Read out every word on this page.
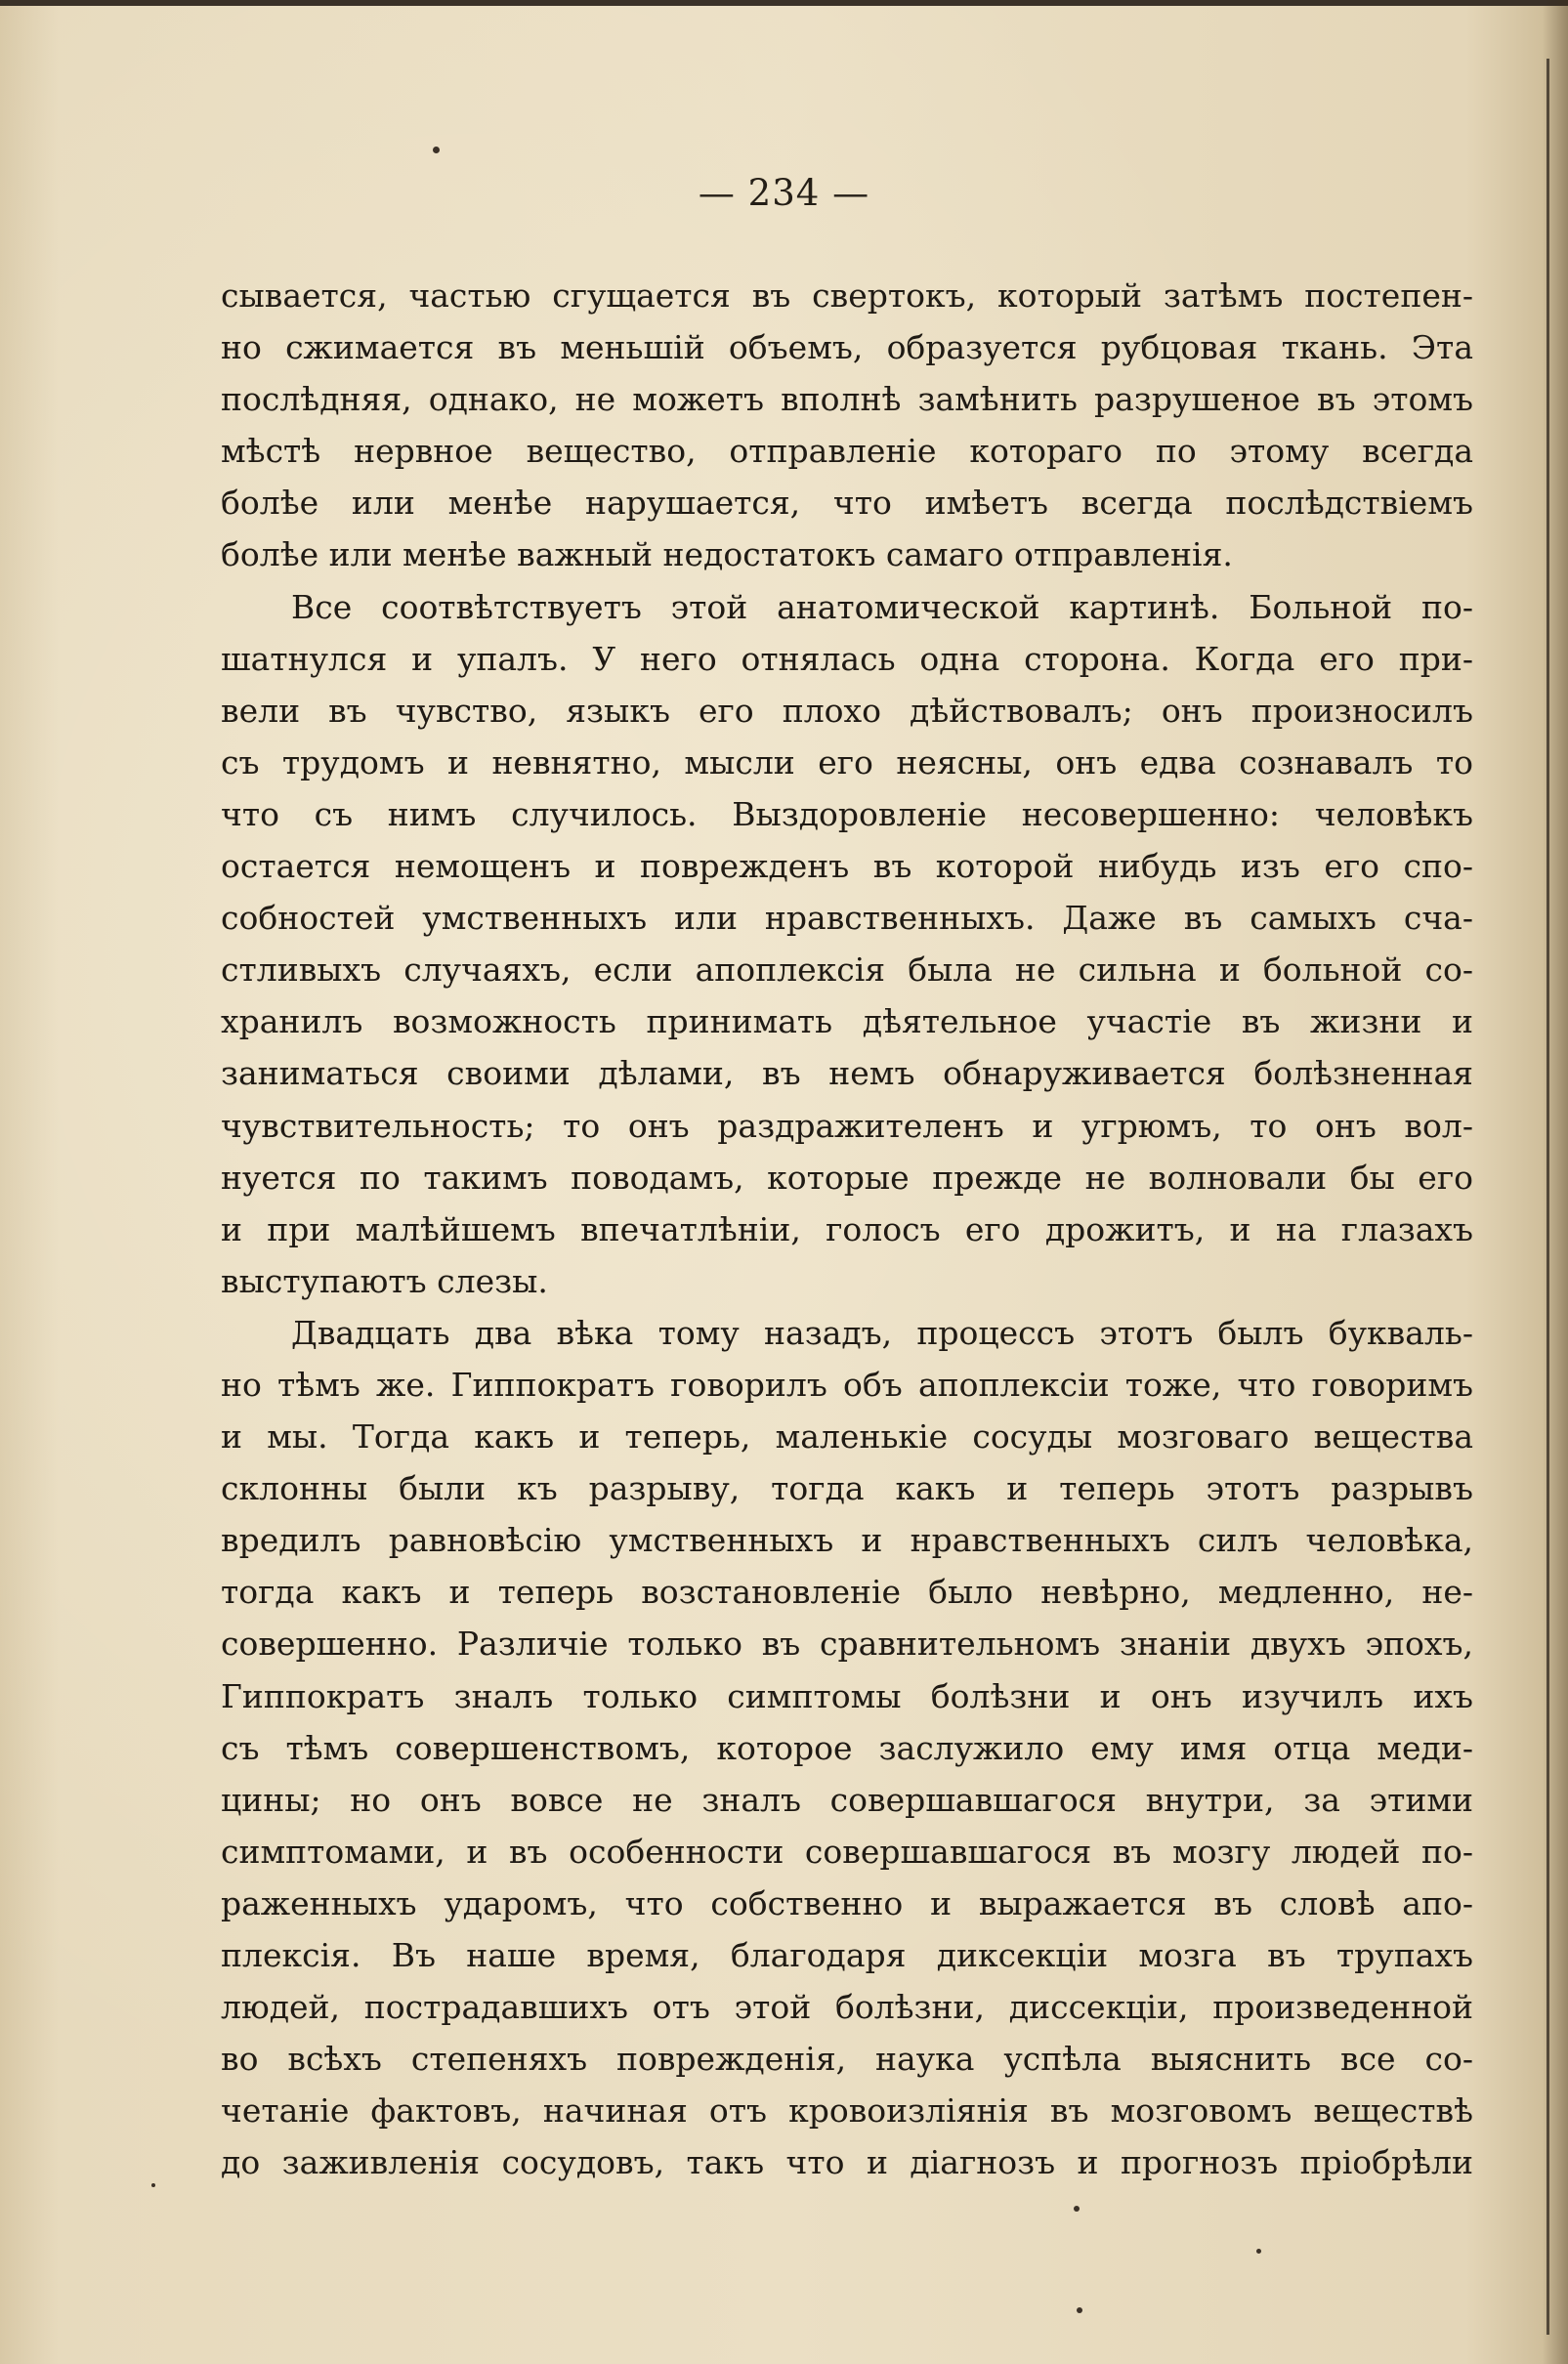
— 234 —
сывается, частью сгущается въ свертокъ, который затѣмъ постепен-
но сжимается въ меньшій объемъ, образуется рубцовая ткань. Эта
послѣдняя, однако, не можетъ вполнѣ замѣнить разрушеное въ этомъ
мѣстѣ нервное вещество, отправленіе котораго по этому всегда
болѣе или менѣе нарушается, что имѣетъ всегда послѣдствіемъ
болѣе или менѣе важный недостатокъ самаго отправленія.
Все соотвѣтствуетъ этой анатомической картинѣ. Больной по-
шатнулся и упалъ. У него отнялась одна сторона. Когда его при-
вели въ чувство, языкъ его плохо дѣйствовалъ; онъ произносилъ
съ трудомъ и невнятно, мысли его неясны, онъ едва сознавалъ то
что съ нимъ случилось. Выздоровленіе несовершенно: человѣкъ
остается немощенъ и поврежденъ въ которой нибудь изъ его спо-
собностей умственныхъ или нравственныхъ. Даже въ самыхъ сча-
стливыхъ случаяхъ, если апоплексія была не сильна и больной со-
хранилъ возможность принимать дѣятельное участіе въ жизни и
заниматься своими дѣлами, въ немъ обнаруживается болѣзненная
чувствительность; то онъ раздражителенъ и угрюмъ, то онъ вол-
нуется по такимъ поводамъ, которые прежде не волновали бы его
и при малѣйшемъ впечатлѣніи, голосъ его дрожитъ, и на глазахъ
выступаютъ слезы.
Двадцать два вѣка тому назадъ, процессъ этотъ былъ букваль-
но тѣмъ же. Гиппократъ говорилъ объ апоплексіи тоже, что говоримъ
и мы. Тогда какъ и теперь, маленькіе сосуды мозговаго вещества
склонны были къ разрыву, тогда какъ и теперь этотъ разрывъ
вредилъ равновѣсію умственныхъ и нравственныхъ силъ человѣка,
тогда какъ и теперь возстановленіе было невѣрно, медленно, не-
совершенно. Различіе только въ сравнительномъ знаніи двухъ эпохъ,
Гиппократъ зналъ только симптомы болѣзни и онъ изучилъ ихъ
съ тѣмъ совершенствомъ, которое заслужило ему имя отца меди-
цины; но онъ вовсе не зналъ совершавшагося внутри, за этими
симптомами, и въ особенности совершавшагося въ мозгу людей по-
раженныхъ ударомъ, что собственно и выражается въ словѣ апо-
плексія. Въ наше время, благодаря диксекціи мозга въ трупахъ
людей, пострадавшихъ отъ этой болѣзни, диссекціи, произведенной
во всѣхъ степеняхъ поврежденія, наука успѣла выяснить все со-
четаніе фактовъ, начиная отъ кровоизліянія въ мозговомъ веществѣ
до заживленія сосудовъ, такъ что и діагнозъ и прогнозъ пріобрѣли
